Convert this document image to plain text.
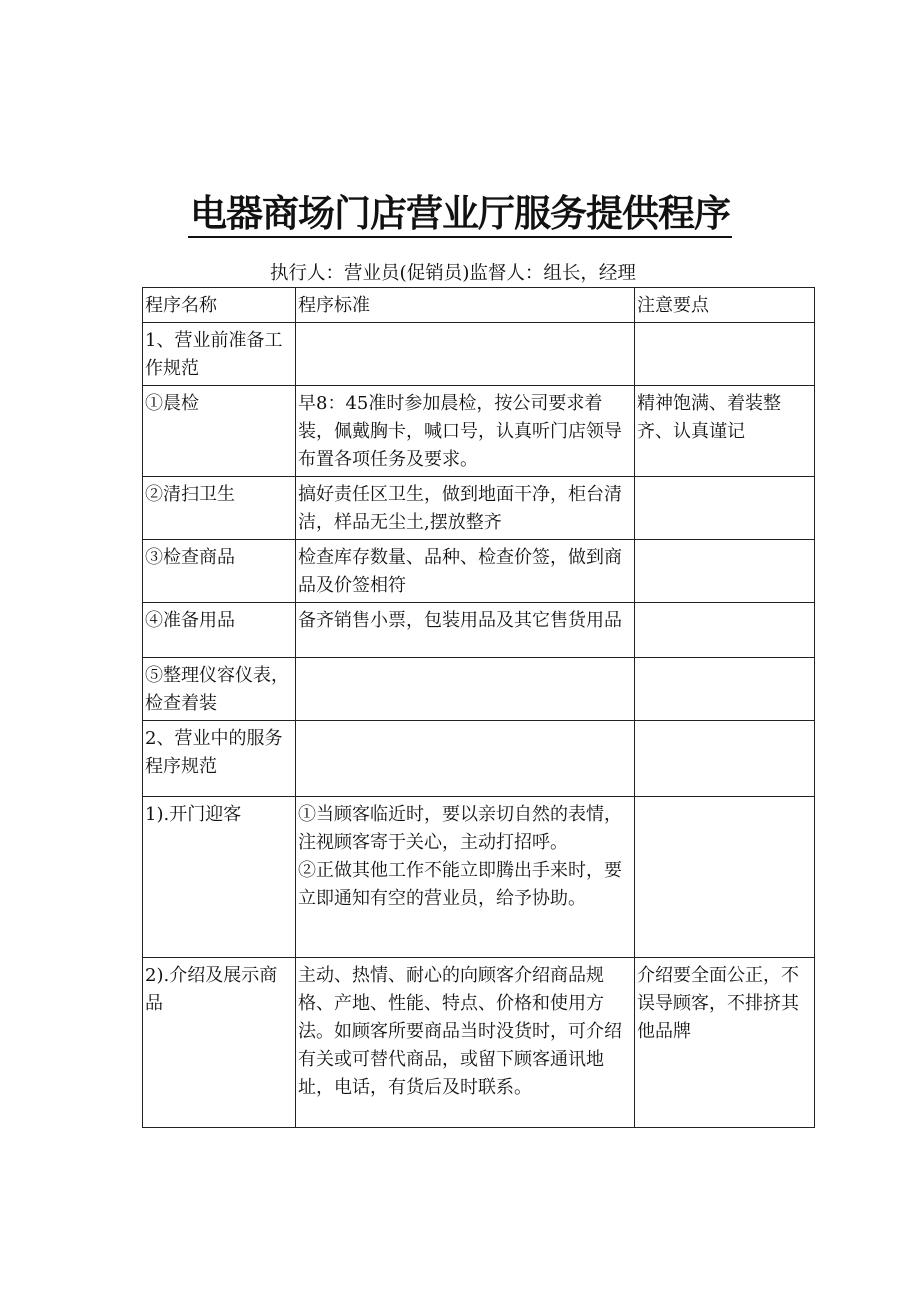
电器商场门店营业厅服务提供程序
执行人：营业员(促销员)监督人：组长，经理
程序名称	程序标准	注意要点
1、营业前准备工作规范		
①晨检	早8：45准时参加晨检，按公司要求着装，佩戴胸卡，喊口号，认真听门店领导布置各项任务及要求。	精神饱满、着装整齐、认真谨记
②清扫卫生	搞好责任区卫生，做到地面干净，柜台清洁，样品无尘土,摆放整齐	

③检查商品	检查库存数量、品种、检查价签，做到商品及价签相符	

④准备用品	备齐销售小票，包装用品及其它售货用品	

⑤整理仪容仪表，检查着装		
2、营业中的服务程序规范		
1).开门迎客	①当顾客临近时，要以亲切自然的表情，注视顾客寄于关心，主动打招呼。
②正做其他工作不能立即腾出手来时，要立即通知有空的营业员，给予协助。	

2).介绍及展示商品	主动、热情、耐心的向顾客介绍商品规格、产地、性能、特点、价格和使用方法。如顾客所要商品当时没货时，可介绍有关或可替代商品，或留下顾客通讯地址，电话，有货后及时联系。	介绍要全面公正，不误导顾客，不排挤其他品牌
